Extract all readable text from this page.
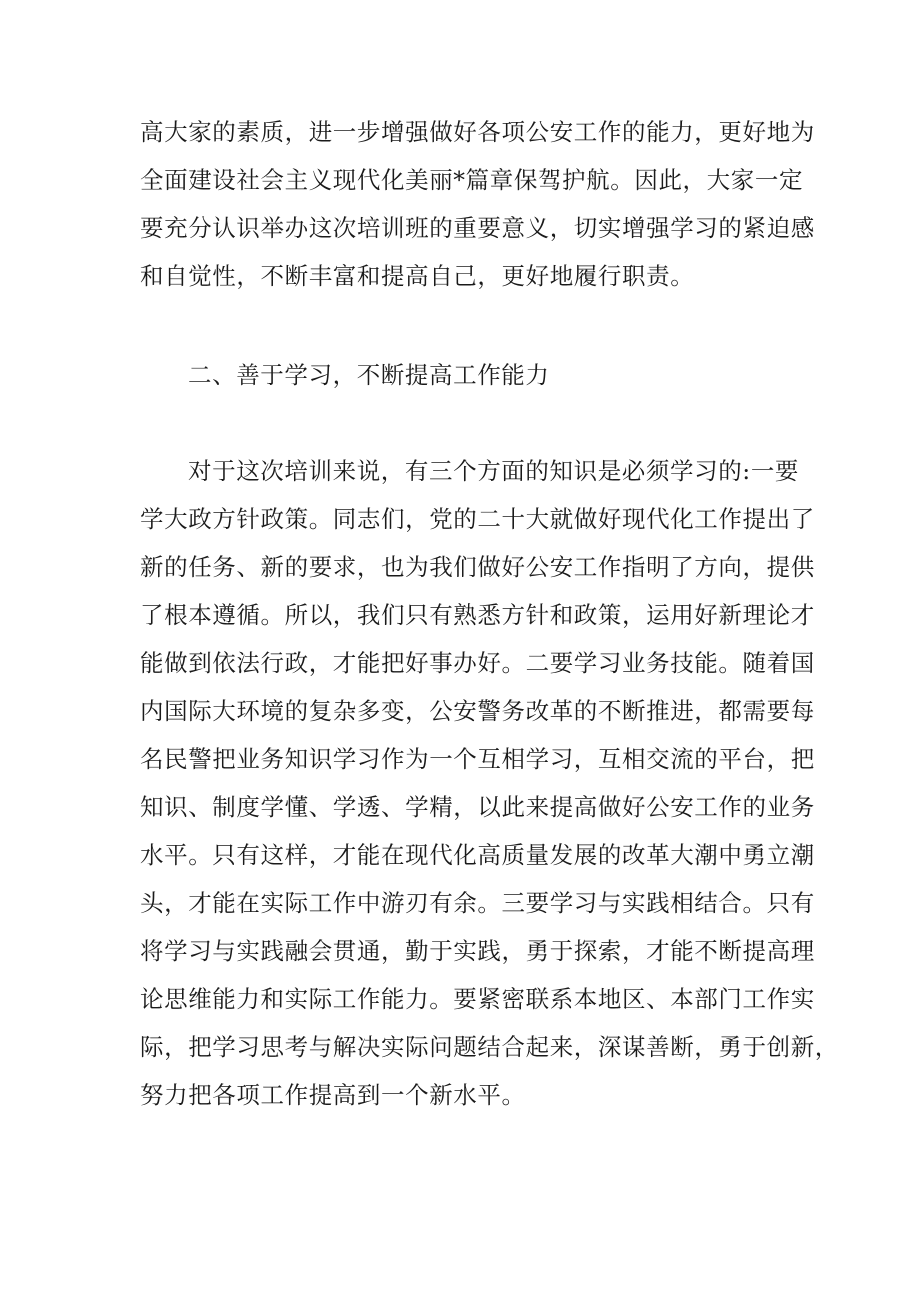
高大家的素质，进一步增强做好各项公安工作的能力，更好地为
全面建设社会主义现代化美丽*篇章保驾护航。因此，大家一定
要充分认识举办这次培训班的重要意义，切实增强学习的紧迫感
和自觉性，不断丰富和提高自己，更好地履行职责。
二、善于学习，不断提高工作能力
对于这次培训来说，有三个方面的知识是必须学习的:一要
学大政方针政策。同志们，党的二十大就做好现代化工作提出了
新的任务、新的要求，也为我们做好公安工作指明了方向，提供
了根本遵循。所以，我们只有熟悉方针和政策，运用好新理论才
能做到依法行政，才能把好事办好。二要学习业务技能。随着国
内国际大环境的复杂多变，公安警务改革的不断推进，都需要每
名民警把业务知识学习作为一个互相学习，互相交流的平台，把
知识、制度学懂、学透、学精，以此来提高做好公安工作的业务
水平。只有这样，才能在现代化高质量发展的改革大潮中勇立潮
头，才能在实际工作中游刃有余。三要学习与实践相结合。只有
将学习与实践融会贯通，勤于实践，勇于探索，才能不断提高理
论思维能力和实际工作能力。要紧密联系本地区、本部门工作实
际，把学习思考与解决实际问题结合起来，深谋善断，勇于创新，
努力把各项工作提高到一个新水平。
